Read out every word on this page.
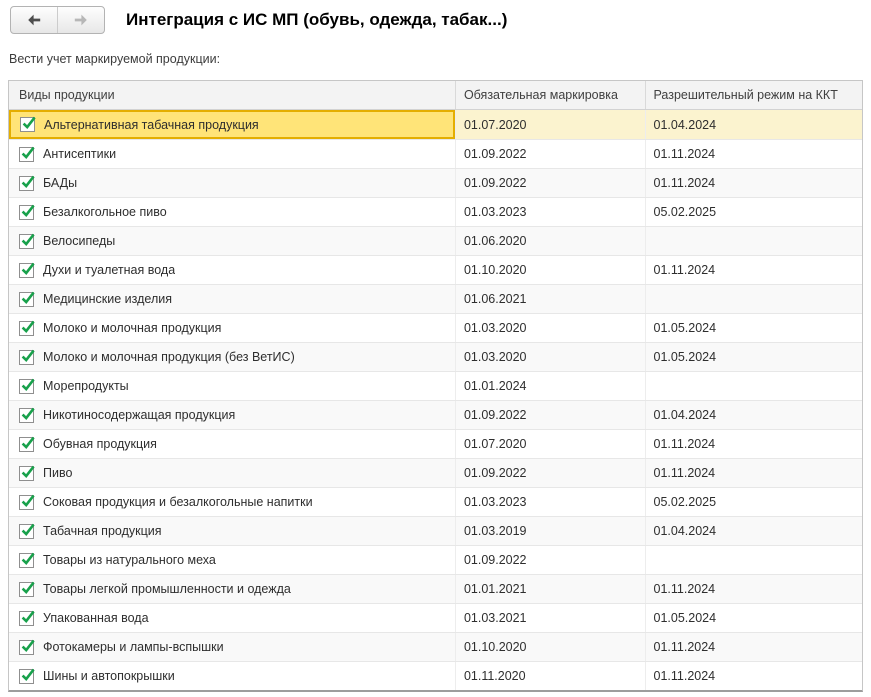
Интеграция с ИС МП (обувь, одежда, табак...)
Вести учет маркируемой продукции:
Виды продукции	Обязательная маркировка	Разрешительный режим на ККТ
Альтернативная табачная продукция	01.07.2020	01.04.2024
Антисептики	01.09.2022	01.11.2024
БАДы	01.09.2022	01.11.2024
Безалкогольное пиво	01.03.2023	05.02.2025
Велосипеды	01.06.2020
Духи и туалетная вода	01.10.2020	01.11.2024
Медицинские изделия	01.06.2021
Молоко и молочная продукция	01.03.2020	01.05.2024
Молоко и молочная продукция (без ВетИС)	01.03.2020	01.05.2024
Морепродукты	01.01.2024
Никотиносодержащая продукция	01.09.2022	01.04.2024
Обувная продукция	01.07.2020	01.11.2024
Пиво	01.09.2022	01.11.2024
Соковая продукция и безалкогольные напитки	01.03.2023	05.02.2025
Табачная продукция	01.03.2019	01.04.2024
Товары из натурального меха	01.09.2022
Товары легкой промышленности и одежда	01.01.2021	01.11.2024
Упакованная вода	01.03.2021	01.05.2024
Фотокамеры и лампы-вспышки	01.10.2020	01.11.2024
Шины и автопокрышки	01.11.2020	01.11.2024
